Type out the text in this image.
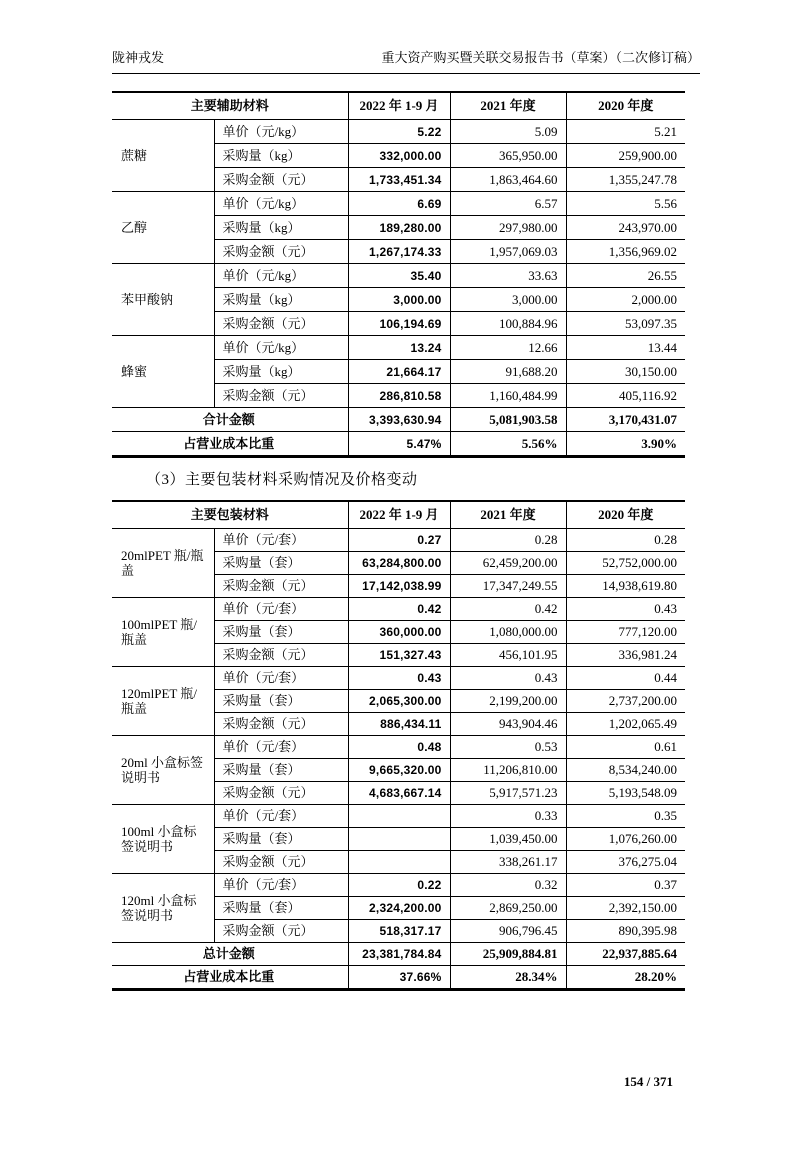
陇神戎发	重大资产购买暨关联交易报告书（草案）（二次修订稿）
主要辅助材料		2022 年 1-9 月	2021 年度	2020 年度
蔗糖	单价（元/kg）	5.22	5.09	5.21
	采购量（kg）	332,000.00	365,950.00	259,900.00
	采购金额（元）	1,733,451.34	1,863,464.60	1,355,247.78
乙醇	单价（元/kg）	6.69	6.57	5.56
	采购量（kg）	189,280.00	297,980.00	243,970.00
	采购金额（元）	1,267,174.33	1,957,069.03	1,356,969.02
苯甲酸钠	单价（元/kg）	35.40	33.63	26.55
	采购量（kg）	3,000.00	3,000.00	2,000.00
	采购金额（元）	106,194.69	100,884.96	53,097.35
蜂蜜	单价（元/kg）	13.24	12.66	13.44
	采购量（kg）	21,664.17	91,688.20	30,150.00
	采购金额（元）	286,810.58	1,160,484.99	405,116.92
合计金额		3,393,630.94	5,081,903.58	3,170,431.07
占营业成本比重		5.47%	5.56%	3.90%
（3）主要包装材料采购情况及价格变动
主要包装材料		2022 年 1-9 月	2021 年度	2020 年度
20mlPET 瓶/瓶盖	单价（元/套）	0.27	0.28	0.28
	采购量（套）	63,284,800.00	62,459,200.00	52,752,000.00
	采购金额（元）	17,142,038.99	17,347,249.55	14,938,619.80
100mlPET 瓶/瓶盖	单价（元/套）	0.42	0.42	0.43
	采购量（套）	360,000.00	1,080,000.00	777,120.00
	采购金额（元）	151,327.43	456,101.95	336,981.24
120mlPET 瓶/瓶盖	单价（元/套）	0.43	0.43	0.44
	采购量（套）	2,065,300.00	2,199,200.00	2,737,200.00
	采购金额（元）	886,434.11	943,904.46	1,202,065.49
20ml 小盒标签说明书	单价（元/套）	0.48	0.53	0.61
	采购量（套）	9,665,320.00	11,206,810.00	8,534,240.00
	采购金额（元）	4,683,667.14	5,917,571.23	5,193,548.09
100ml 小盒标签说明书	单价（元/套）		0.33	0.35
	采购量（套）		1,039,450.00	1,076,260.00
	采购金额（元）		338,261.17	376,275.04
120ml 小盒标签说明书	单价（元/套）	0.22	0.32	0.37
	采购量（套）	2,324,200.00	2,869,250.00	2,392,150.00
	采购金额（元）	518,317.17	906,796.45	890,395.98
总计金额		23,381,784.84	25,909,884.81	22,937,885.64
占营业成本比重		37.66%	28.34%	28.20%
154 / 371
